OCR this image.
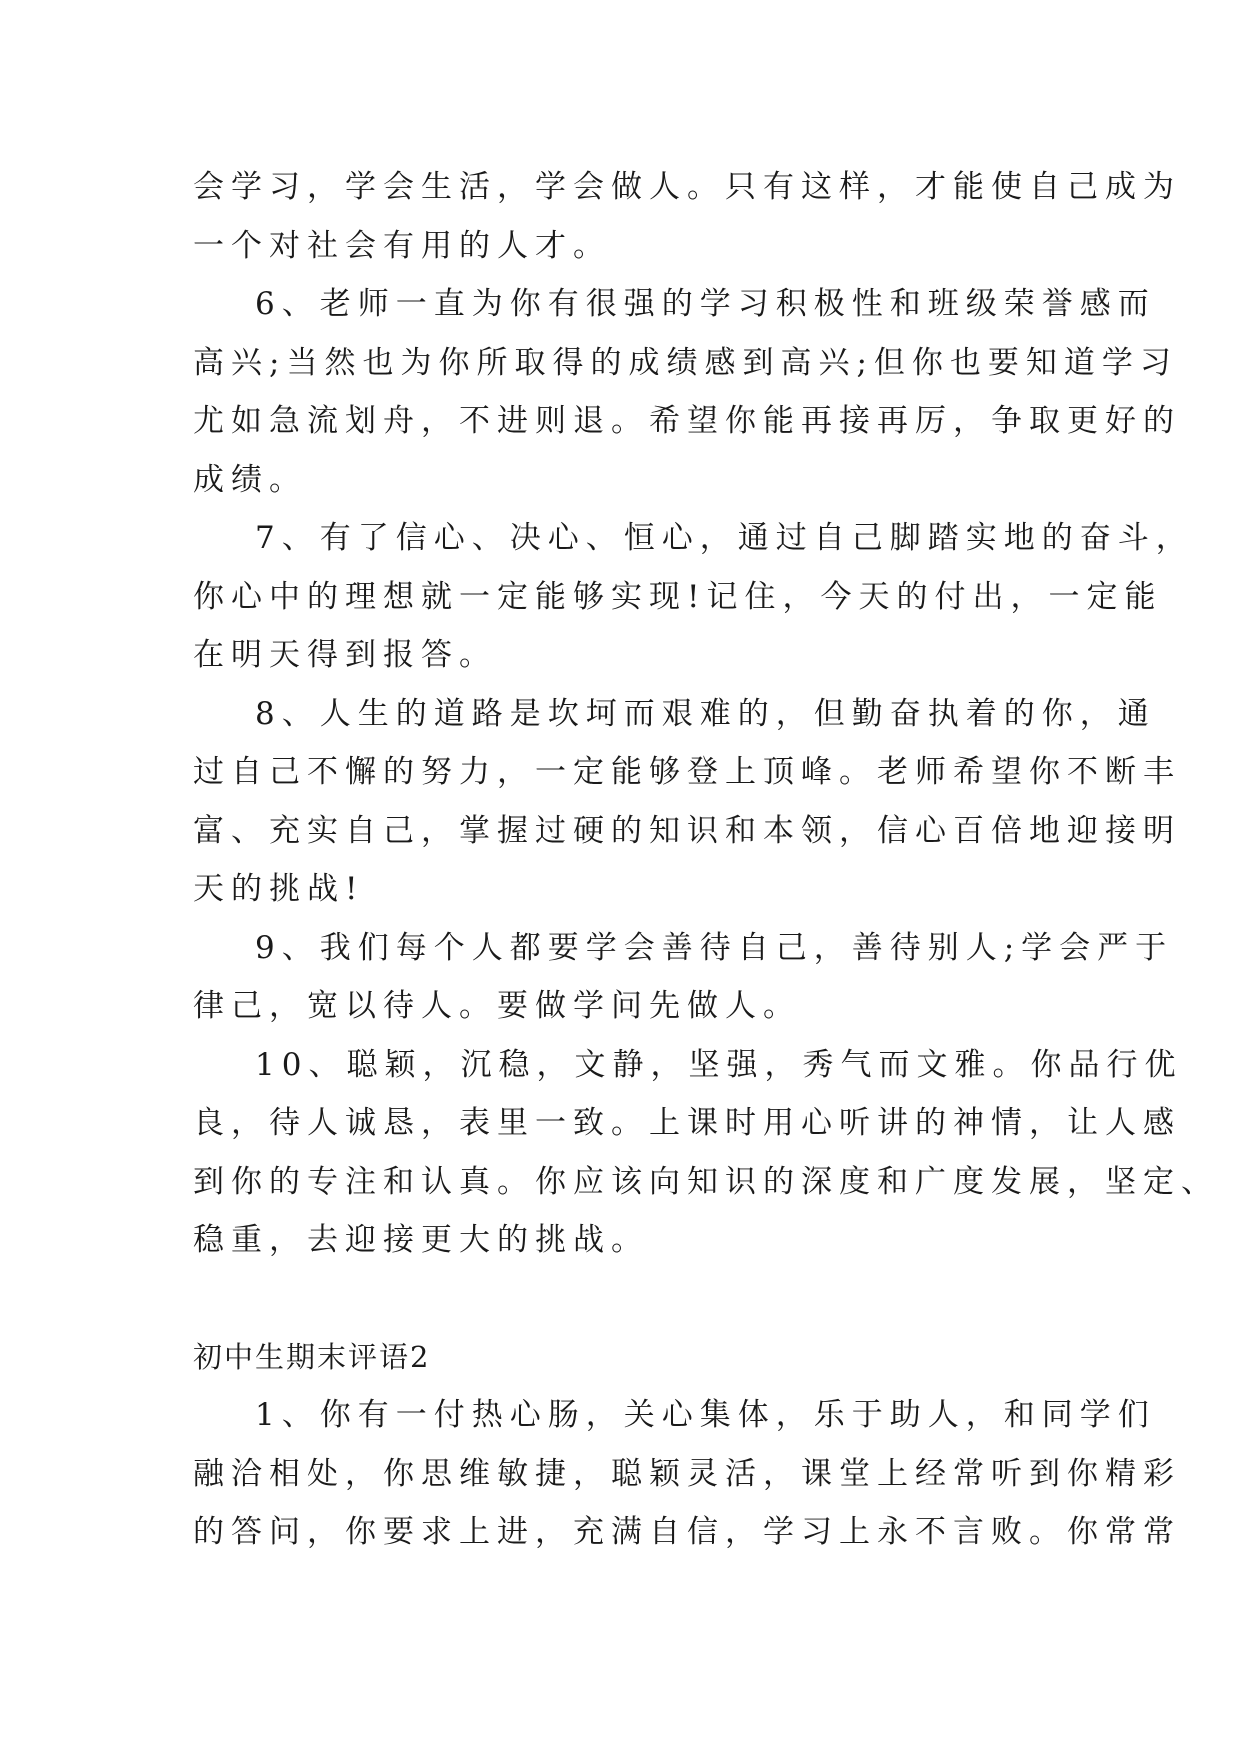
会学习，学会生活，学会做人。只有这样，才能使自己成为
一个对社会有用的人才。
6、老师一直为你有很强的学习积极性和班级荣誉感而
高兴;当然也为你所取得的成绩感到高兴;但你也要知道学习
尤如急流划舟，不进则退。希望你能再接再厉，争取更好的
成绩。
7、有了信心、决心、恒心，通过自己脚踏实地的奋斗，
你心中的理想就一定能够实现!记住，今天的付出，一定能
在明天得到报答。
8、人生的道路是坎坷而艰难的，但勤奋执着的你，通
过自己不懈的努力，一定能够登上顶峰。老师希望你不断丰
富、充实自己，掌握过硬的知识和本领，信心百倍地迎接明
天的挑战!
9、我们每个人都要学会善待自己，善待别人;学会严于
律己，宽以待人。要做学问先做人。
10、聪颖，沉稳，文静，坚强，秀气而文雅。你品行优
良，待人诚恳，表里一致。上课时用心听讲的神情，让人感
到你的专注和认真。你应该向知识的深度和广度发展，坚定、
稳重，去迎接更大的挑战。
初中生期末评语2
1、你有一付热心肠，关心集体，乐于助人，和同学们
融洽相处，你思维敏捷，聪颖灵活，课堂上经常听到你精彩
的答问，你要求上进，充满自信，学习上永不言败。你常常
